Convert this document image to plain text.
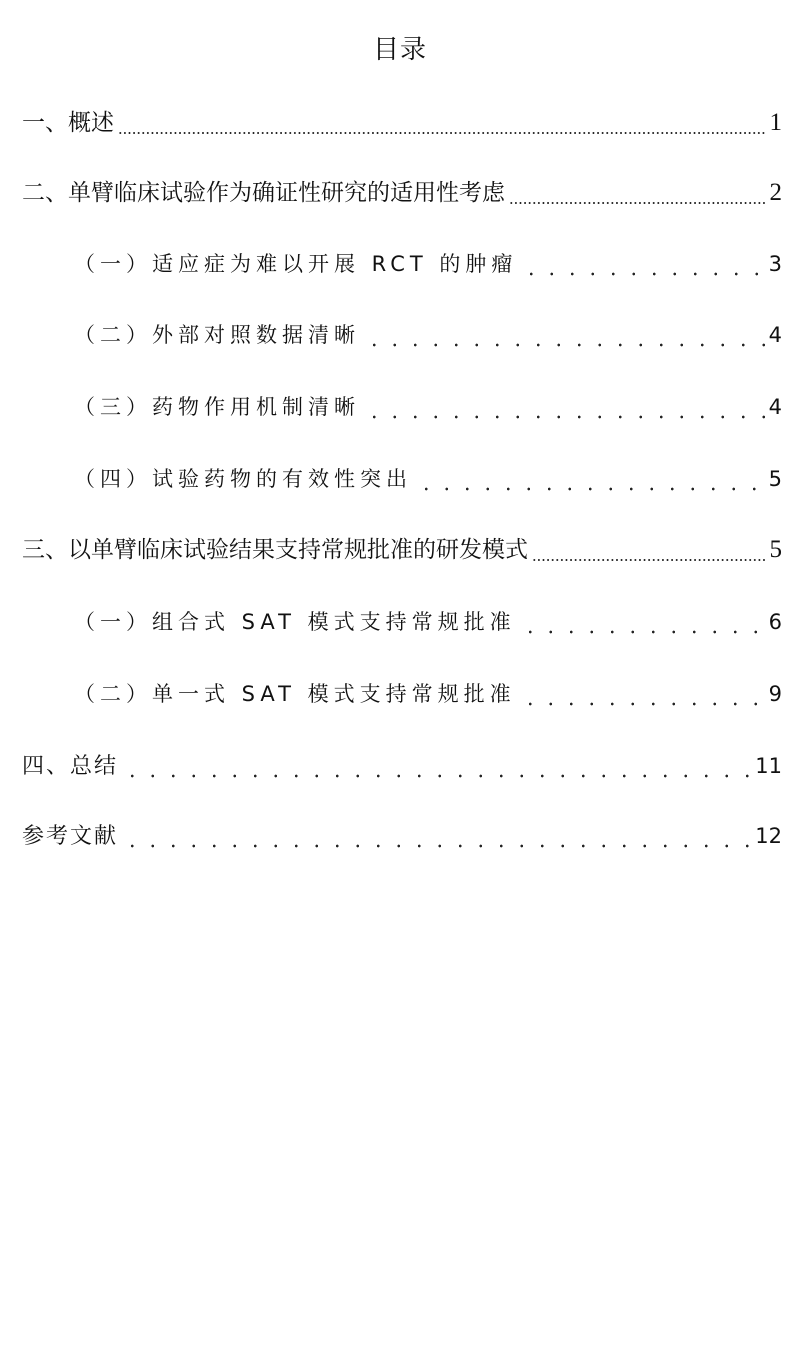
目录
一、概述	1
二、单臂临床试验作为确证性研究的适用性考虑	2
（一）适应症为难以开展 RCT 的肿瘤	3
（二）外部对照数据清晰	4
（三）药物作用机制清晰	4
（四）试验药物的有效性突出	5
三、以单臂临床试验结果支持常规批准的研发模式	5
（一）组合式 SAT 模式支持常规批准	6
（二）单一式 SAT 模式支持常规批准	9
四、总结	11
参考文献	12
